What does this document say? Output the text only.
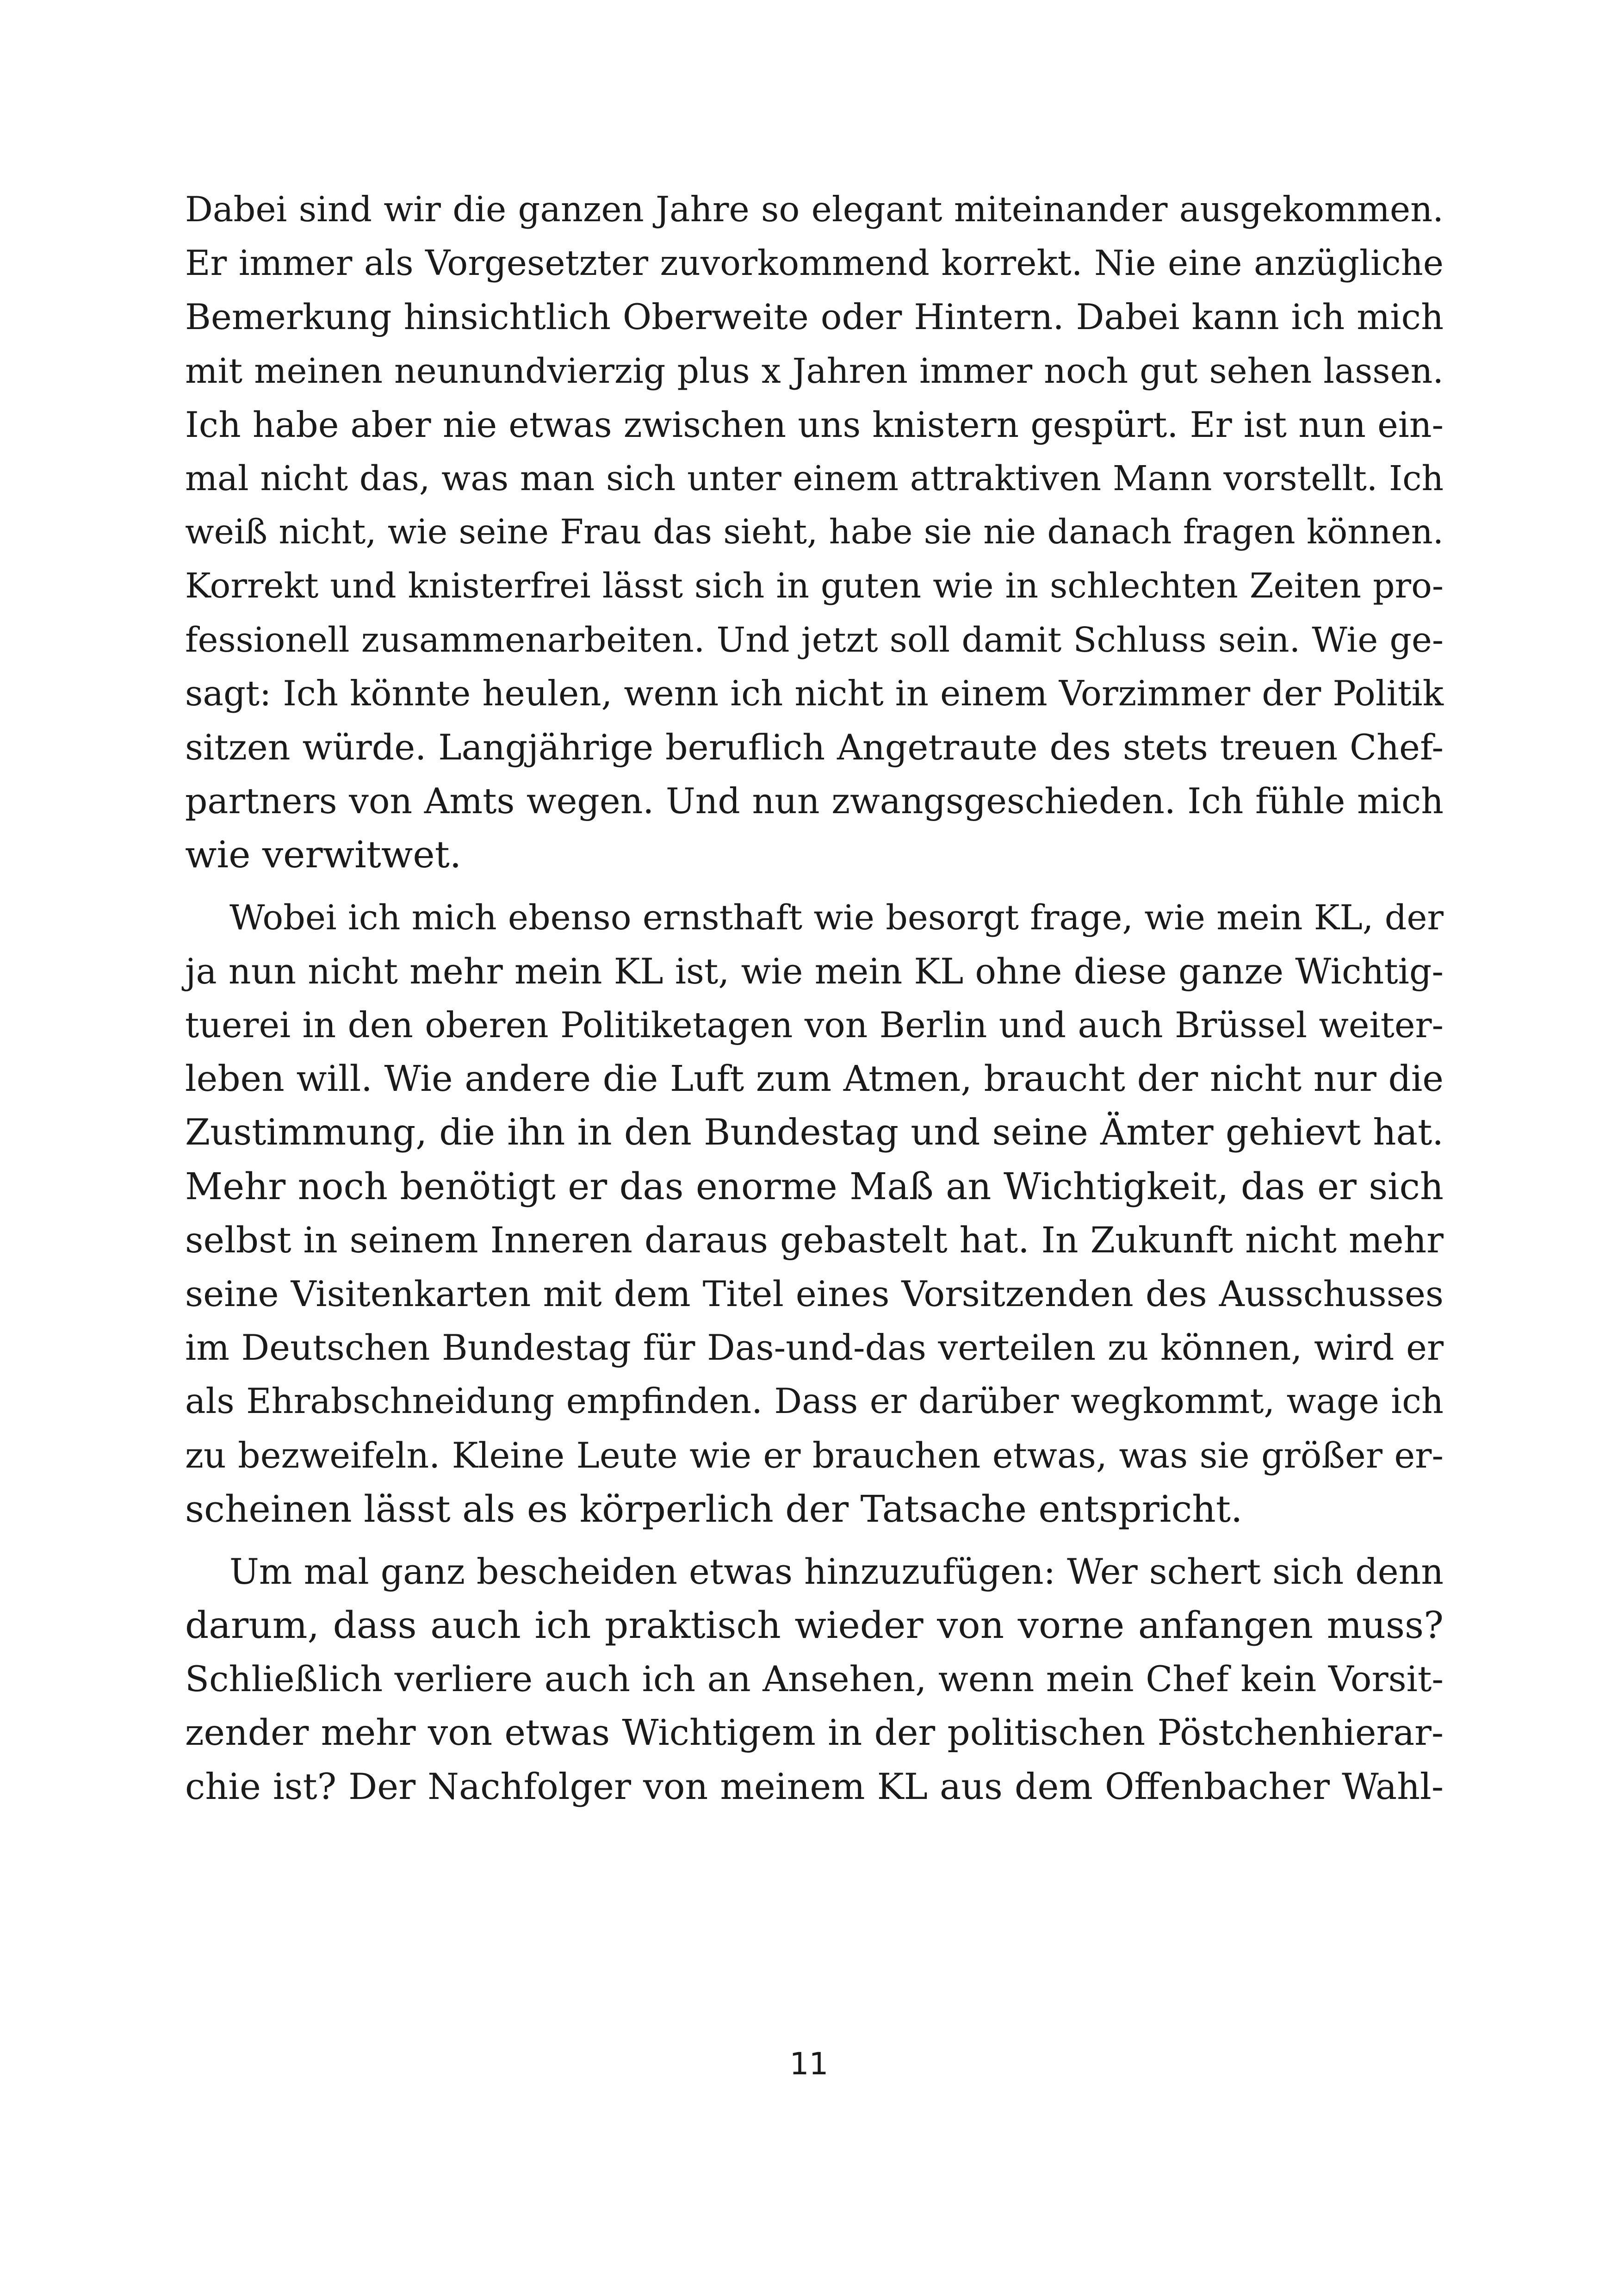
Dabei sind wir die ganzen Jahre so elegant miteinander ausgekommen.
Er immer als Vorgesetzter zuvorkommend korrekt. Nie eine anzügliche
Bemerkung hinsichtlich Oberweite oder Hintern. Dabei kann ich mich
mit meinen neunundvierzig plus x Jahren immer noch gut sehen lassen.
Ich habe aber nie etwas zwischen uns knistern gespürt. Er ist nun ein-
mal nicht das, was man sich unter einem attraktiven Mann vorstellt. Ich
weiß nicht, wie seine Frau das sieht, habe sie nie danach fragen können.
Korrekt und knisterfrei lässt sich in guten wie in schlechten Zeiten pro-
fessionell zusammenarbeiten. Und jetzt soll damit Schluss sein. Wie ge-
sagt: Ich könnte heulen, wenn ich nicht in einem Vorzimmer der Politik
sitzen würde. Langjährige beruflich Angetraute des stets treuen Chef-
partners von Amts wegen. Und nun zwangsgeschieden. Ich fühle mich
wie verwitwet.

Wobei ich mich ebenso ernsthaft wie besorgt frage, wie mein KL, der
ja nun nicht mehr mein KL ist, wie mein KL ohne diese ganze Wichtig-
tuerei in den oberen Politiketagen von Berlin und auch Brüssel weiter-
leben will. Wie andere die Luft zum Atmen, braucht der nicht nur die
Zustimmung, die ihn in den Bundestag und seine Ämter gehievt hat.
Mehr noch benötigt er das enorme Maß an Wichtigkeit, das er sich
selbst in seinem Inneren daraus gebastelt hat. In Zukunft nicht mehr
seine Visitenkarten mit dem Titel eines Vorsitzenden des Ausschusses
im Deutschen Bundestag für Das-und-das verteilen zu können, wird er
als Ehrabschneidung empfinden. Dass er darüber wegkommt, wage ich
zu bezweifeln. Kleine Leute wie er brauchen etwas, was sie größer er-
scheinen lässt als es körperlich der Tatsache entspricht.

Um mal ganz bescheiden etwas hinzuzufügen: Wer schert sich denn
darum, dass auch ich praktisch wieder von vorne anfangen muss?
Schließlich verliere auch ich an Ansehen, wenn mein Chef kein Vorsit-
zender mehr von etwas Wichtigem in der politischen Pöstchenhierar-
chie ist? Der Nachfolger von meinem KL aus dem Offenbacher Wahl-

11
